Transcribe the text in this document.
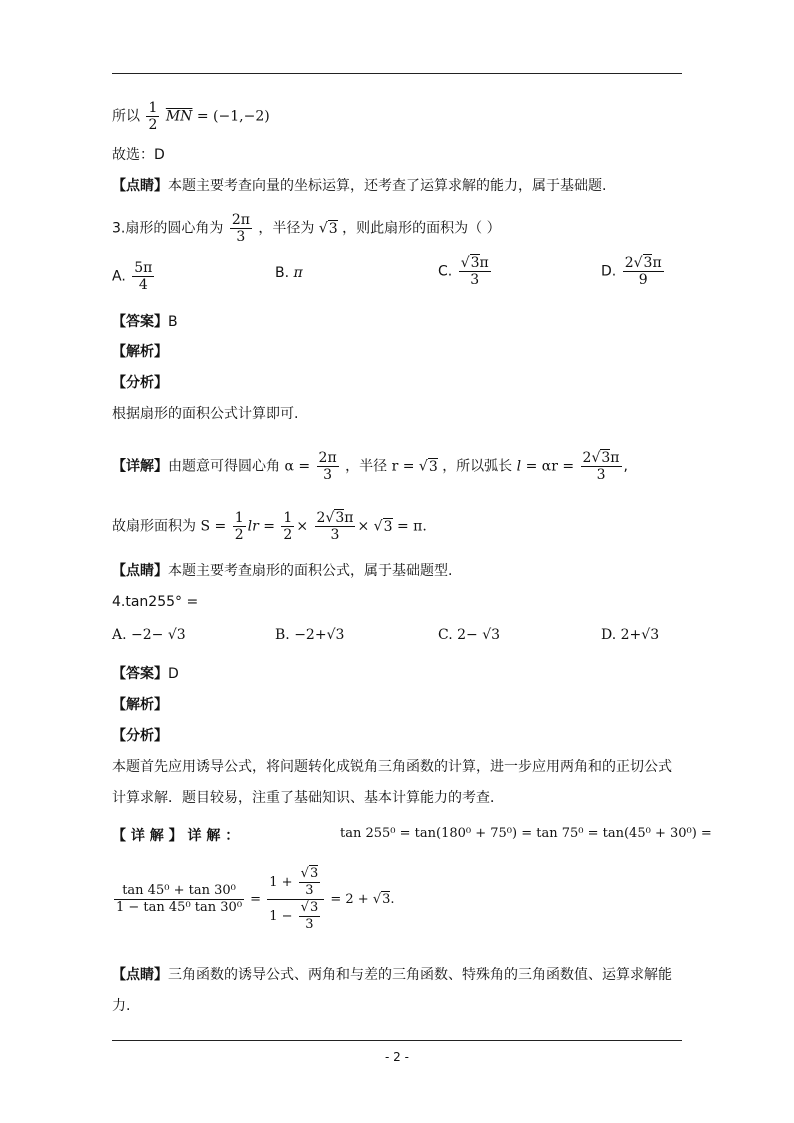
所以 $\frac{1}{2} \overline{MN} = (-1,-2)$
故选：D
【点睛】本题主要考查向量的坐标运算，还考查了运算求解的能力，属于基础题.
3.扇形的圆心角为 $\frac{2\pi}{3}$ ，半径为 √3 ，则此扇形的面积为（ ）
A. $\frac{5\pi}{4}$	B. π	C. $\frac{√3\pi}{3}$	D. $\frac{2√3\pi}{9}$
【答案】B
【解析】
【分析】
根据扇形的面积公式计算即可.
【详解】由题意可得圆心角 $\alpha = \frac{2\pi}{3}$ ，半径 r = √3 ，所以弧长 $l = \alpha r = \frac{2√3\pi}{3}$ ,
故扇形面积为 $S = \frac{1}{2}$ lr = $\frac{1}{2} \times \frac{2√3\pi}{3} \times √3 = \pi$.
【点睛】本题主要考查扇形的面积公式，属于基础题型.
4.tan255° =
A. −2− √3	B. −2+√3	C. 2− √3	D. 2+√3
【答案】D
【解析】
【分析】
本题首先应用诱导公式，将问题转化成锐角三角函数的计算，进一步应用两角和的正切公式
计算求解．题目较易，注重了基础知识、基本计算能力的考查．
【 详 解 】 详 解 ：	tan 255⁰ = tan(180⁰ + 75⁰) = tan 75⁰ = tan(45⁰ + 30⁰) =
$\frac{\text{tan 45⁰ + tan 30⁰}}{\text{1 − tan 45⁰ tan 30⁰}} = \frac{1 + \frac{√3}{3}}{1 - \frac{√3}{3}} = 2 + √3$.
【点睛】三角函数的诱导公式、两角和与差的三角函数、特殊角的三角函数值、运算求解能
力.
- 2 -
